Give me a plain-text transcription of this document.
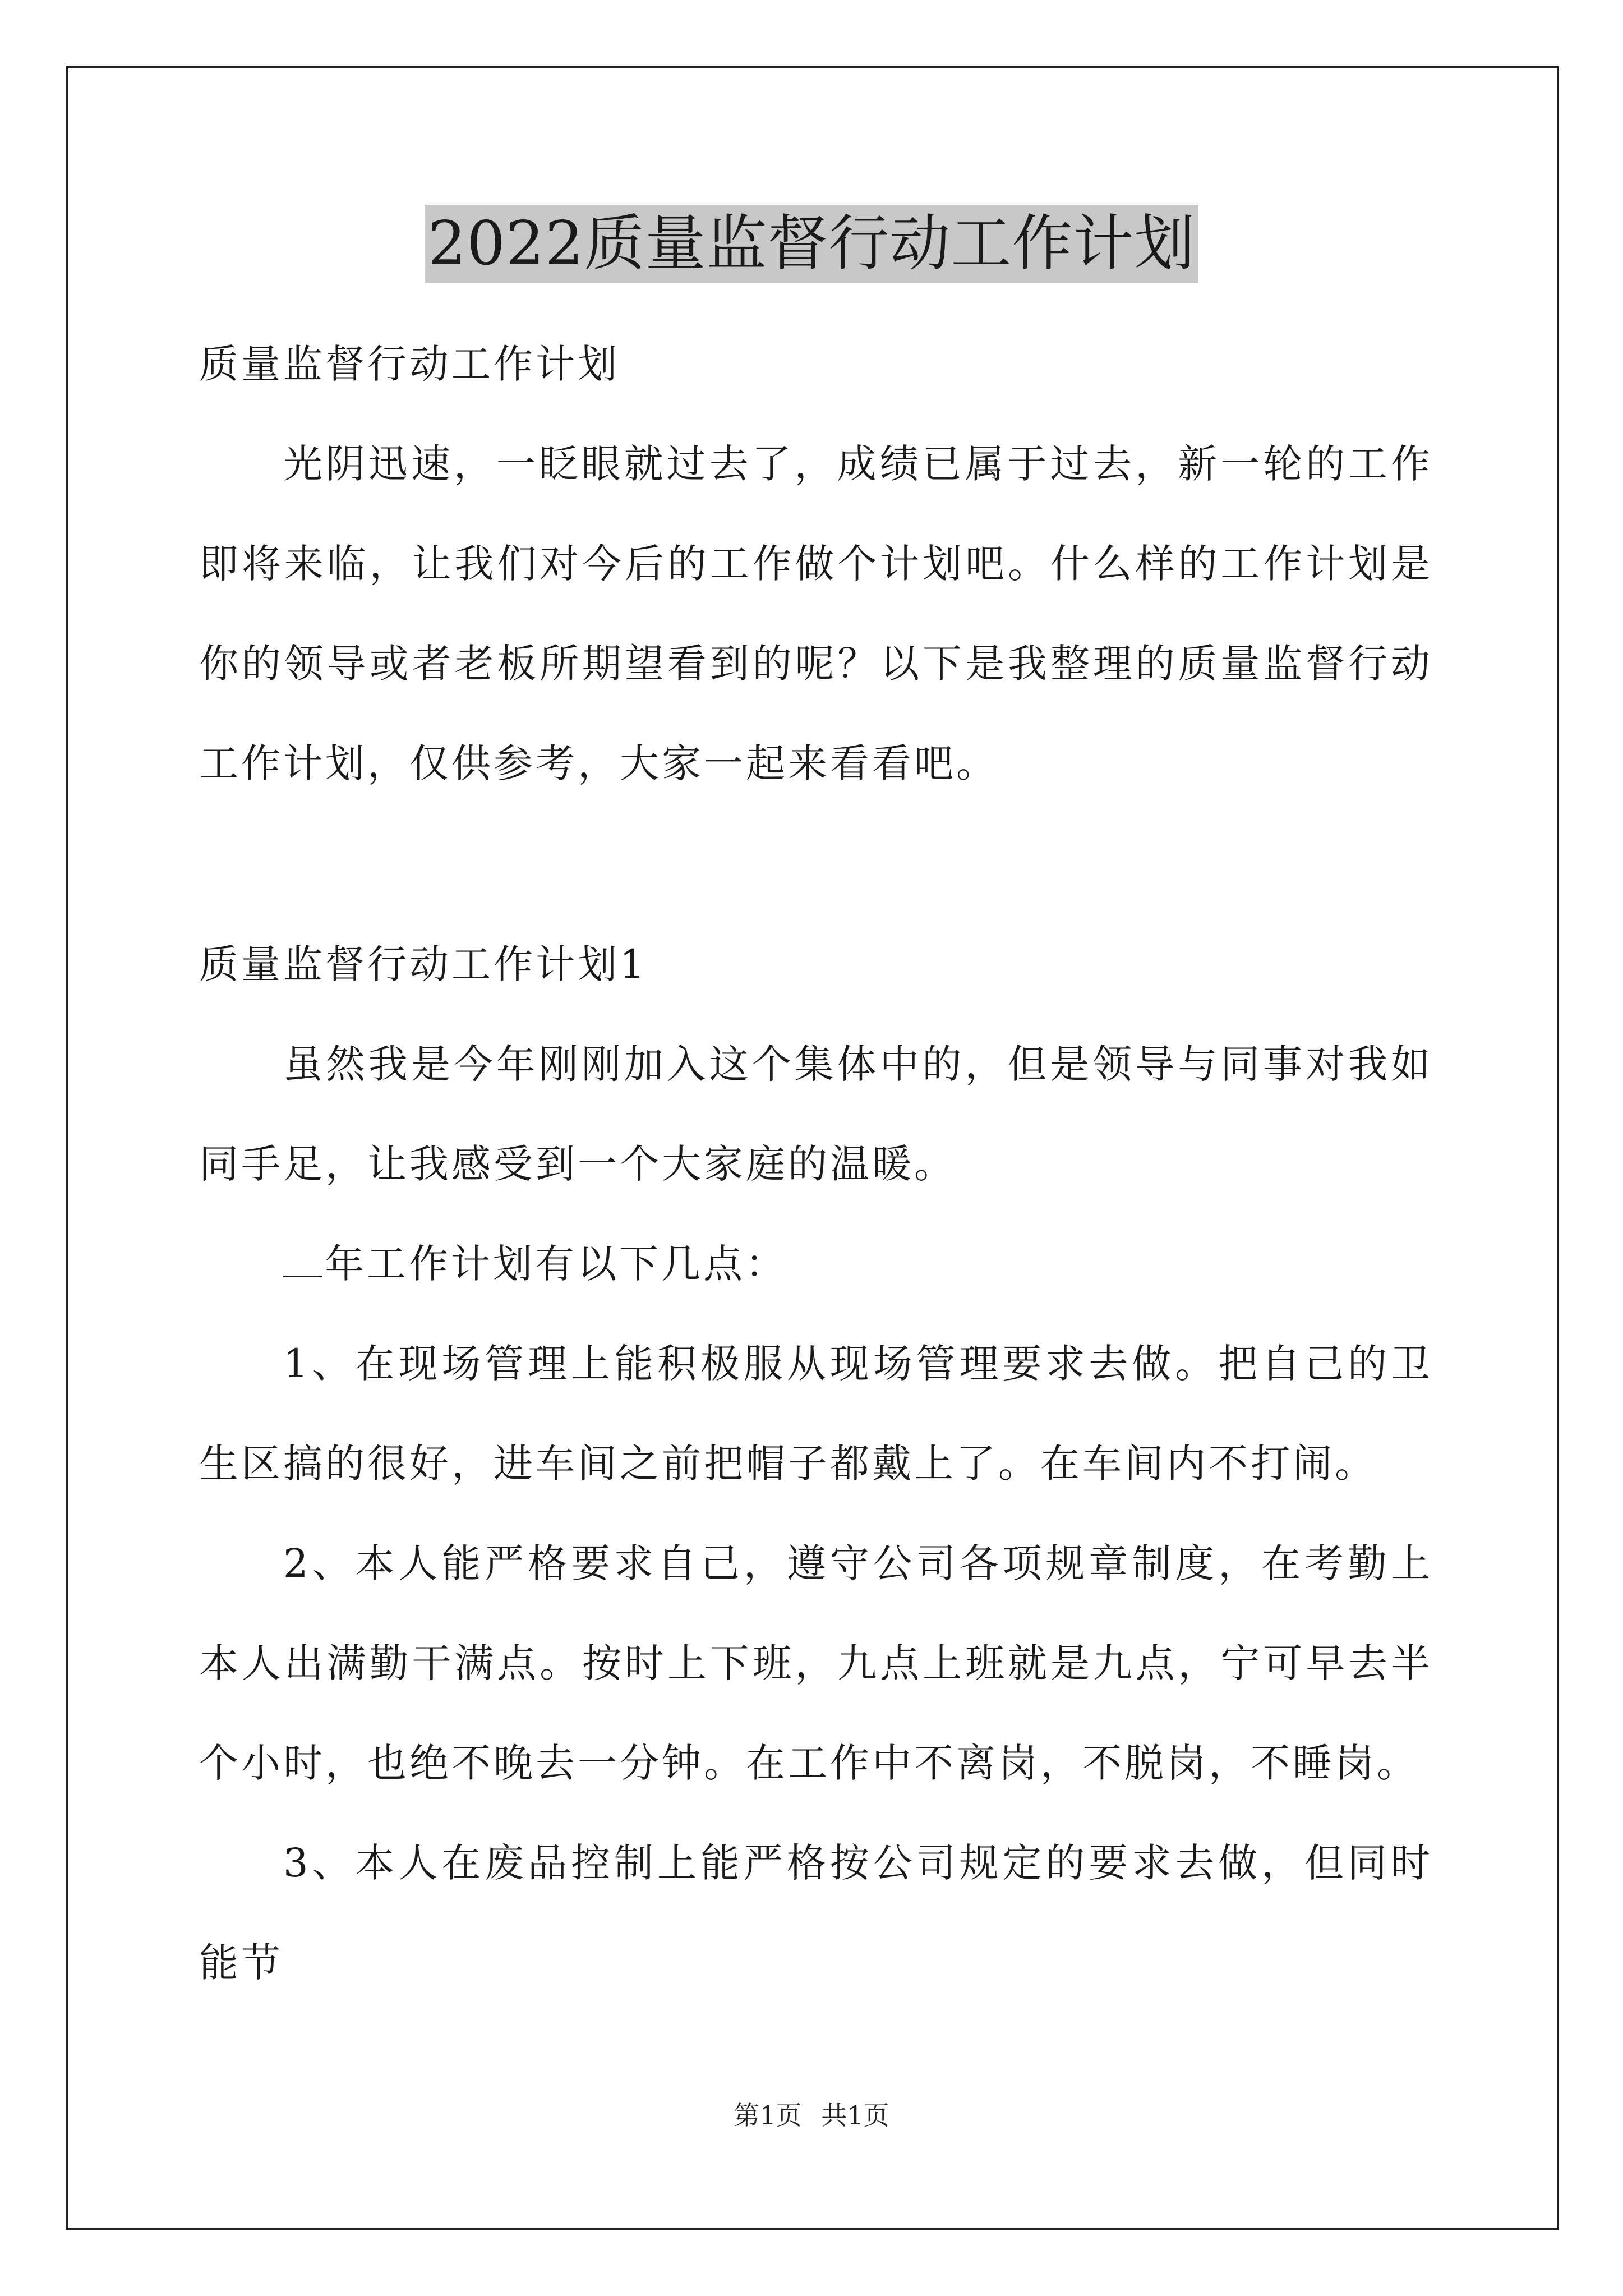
2022质量监督行动工作计划

质量监督行动工作计划

光阴迅速，一眨眼就过去了，成绩已属于过去，新一轮的工作即将来临，让我们对今后的工作做个计划吧。什么样的工作计划是你的领导或者老板所期望看到的呢？以下是我整理的质量监督行动工作计划，仅供参考，大家一起来看看吧。

质量监督行动工作计划1

虽然我是今年刚刚加入这个集体中的，但是领导与同事对我如同手足，让我感受到一个大家庭的温暖。

年工作计划有以下几点：

1、在现场管理上能积极服从现场管理要求去做。把自己的卫生区搞的很好，进车间之前把帽子都戴上了。在车间内不打闹。

2、本人能严格要求自己，遵守公司各项规章制度，在考勤上本人出满勤干满点。按时上下班，九点上班就是九点，宁可早去半个小时，也绝不晚去一分钟。在工作中不离岗，不脱岗，不睡岗。

3、本人在废品控制上能严格按公司规定的要求去做，但同时能节

第1页 共1页
